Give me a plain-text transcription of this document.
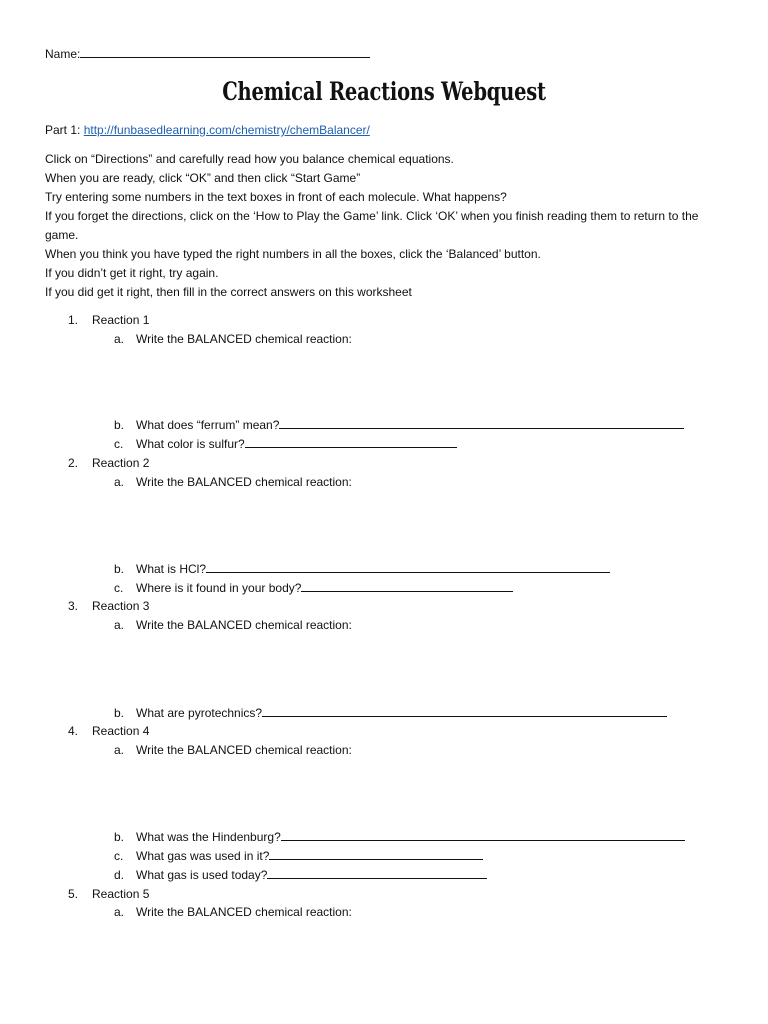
Name:
Chemical Reactions Webquest
Part 1: http://funbasedlearning.com/chemistry/chemBalancer/

Click on “Directions” and carefully read how you balance chemical equations.

When you are ready, click “OK” and then click “Start Game”

Try entering some numbers in the text boxes in front of each molecule. What happens?

If you forget the directions, click on the ‘How to Play the Game’ link. Click ‘OK’ when you finish reading them to return to the game.

When you think you have typed the right numbers in all the boxes, click the ‘Balanced’ button.

If you didn’t get it right, try again.

If you did get it right, then fill in the correct answers on this worksheet

1. Reaction 1
a. Write the BALANCED chemical reaction:
b. What does “ferrum” mean?
c. What color is sulfur?
2. Reaction 2
a. Write the BALANCED chemical reaction:
b. What is HCl?
c. Where is it found in your body?
3. Reaction 3
a. Write the BALANCED chemical reaction:
b. What are pyrotechnics?
4. Reaction 4
a. Write the BALANCED chemical reaction:
b. What was the Hindenburg?
c. What gas was used in it?
d. What gas is used today?
5. Reaction 5
a. Write the BALANCED chemical reaction:
